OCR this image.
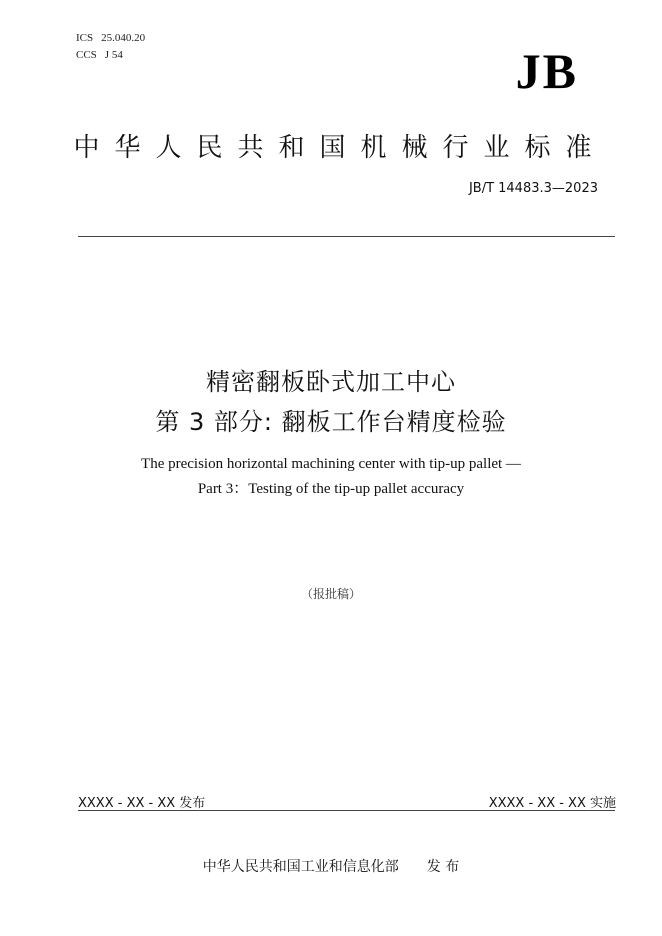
ICS 25.040.20
CCS J 54	JB
中华人民共和国机械行业标准
JB/T 14483.3—2023
精密翻板卧式加工中心
第 3 部分: 翻板工作台精度检验
The precision horizontal machining center with tip-up pallet —
Part 3：Testing of the tip-up pallet accuracy
（报批稿）
XXXX - XX - XX 发布	XXXX - XX - XX 实施
中华人民共和国工业和信息化部 发 布
